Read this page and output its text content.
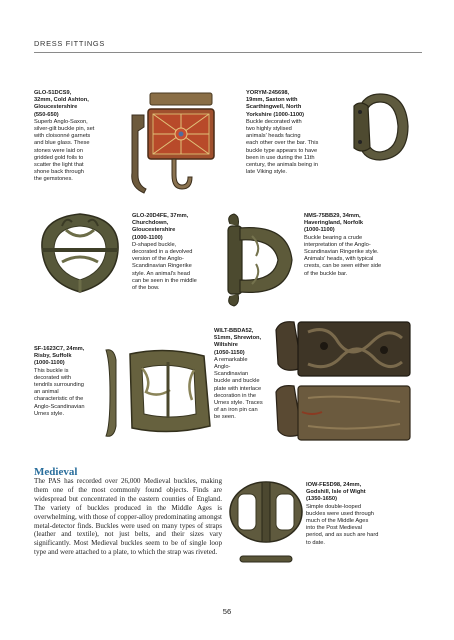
DRESS FITTINGS
GLO-51DCS9,
32mm, Cold Ashton,
Gloucestershire
(550-650)
Superb Anglo-Saxon,
silver-gilt buckle pin, set
with cloisonné garnets
and blue glass. These
stones were laid on
gridded gold foils to
scatter the light that
shone back through
the gemstones.
YORYM-245698,
19mm, Saxton with
Scarthingwell, North
Yorkshire (1000-1100)
Buckle decorated with
two highly stylised
animals' heads facing
each other over the bar. This
buckle type appears to have
been in use during the 11th
century, the animals being in
late Viking style.
GLO-20D4FE, 37mm,
Churchdown,
Gloucestershire
(1000-1100)
D-shaped buckle,
decorated in a devolved
version of the Anglo-
Scandinavian Ringerike
style. An animal's head
can be seen in the middle
of the bow.
NMS-75BB29, 34mm,
Haveringland, Norfolk
(1000-1100)
Buckle bearing a crude
interpretation of the Anglo-
Scandinavian Ringerike style.
Animals' heads, with typical
crests, can be seen either side
of the buckle bar.
WILT-BBDA52,
51mm, Shrewton,
Wiltshire
(1050-1150)
A remarkable
Anglo-
Scandinavian
buckle and buckle
plate with interlace
decoration in the
Urnes style. Traces
of an iron pin can
be seen.
SF-1623C7, 24mm,
Risby, Suffolk
(1000-1100)
This buckle is
decorated with
tendrils surrounding
an animal
characteristic of the
Anglo-Scandinavian
Urnes style.
IOW-FE5D98, 24mm,
Godshill, Isle of Wight
(1350-1650)
Simple double-looped
buckles were used through
much of the Middle Ages
into the Post Medieval
period, and as such are hard
to date.
Medieval
The PAS has recorded over 26,000 Medieval buckles, making them one of the most commonly found objects. Finds are widespread but concentrated in the eastern counties of England. The variety of buckles produced in the Middle Ages is overwhelming, with those of copper-alloy predominating amongst metal-detector finds. Buckles were used on many types of straps (leather and textile), not just belts, and their sizes vary significantly. Most Medieval buckles seem to be of single loop type and were attached to a plate, to which the strap was riveted.
56
